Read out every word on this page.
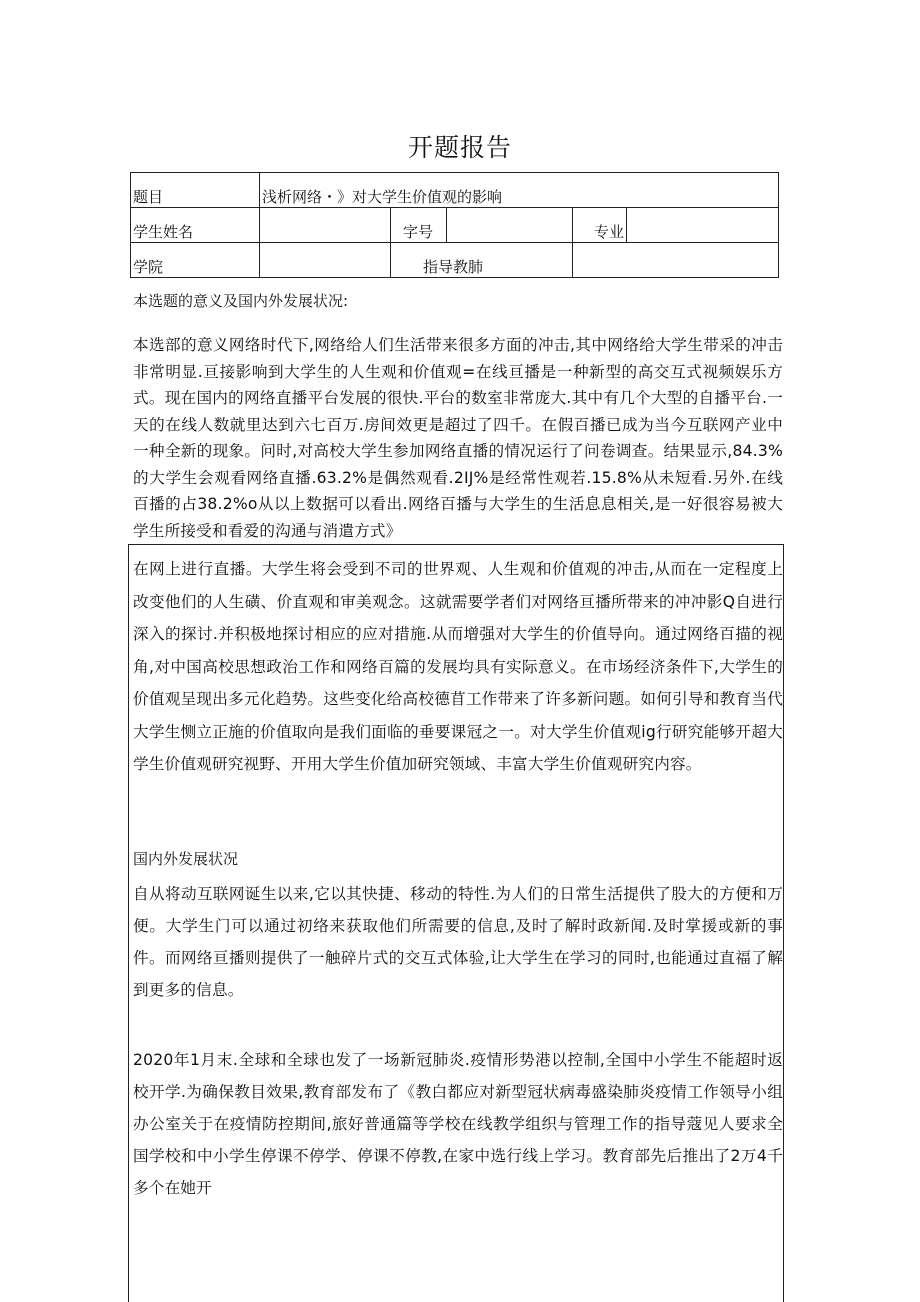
开题报告
题目	浅析网络・》对大学生价值观的影响				
学生姓名		字号		专业	
学院		指导教肺			
本选题的意义及国内外发展状况:
本选部的意义网络时代下,网络给人们生活带来很多方面的冲击,其中网络给大学生带采的冲击非常明显.亘接影响到大学生的人生观和价值观=在线亘播是一种新型的高交互式视频娱乐方式。现在国内的网络直播平台发展的很快.平台的数室非常庞大.其中有几个大型的自播平台.一天的在线人数就里达到六七百万.房间效更是超过了四千。在假百播已成为当今互联网产业中一种全新的现象。问时,对高校大学生参加网络直播的情况运行了问卷调查。结果显示,84.3%的大学生会观看网络直播.63.2%是偶然观看.2IJ%是经常性观若.15.8%从未短看.另外.在线百播的占38.2%o从以上数据可以看出.网络百播与大学生的生活息息相关,是一好很容易被大学生所接受和看爱的沟通与消遣方式》
在网上进行直播。大学生将会受到不司的世界观、人生观和价值观的冲击,从而在一定程度上改变他们的人生磺、价直观和审美观念。这就需要学者们对网络亘播所带来的冲冲影Q自进行深入的探讨.并积极地探讨相应的应对措施.从而增强对大学生的价值导向。通过网络百描的视角,对中国高校思想政治工作和网络百篇的发展均具有实际意义。在市场经济条件下,大学生的价值观呈现出多元化趋势。这些变化给高校德苜工作带来了许多新问题。如何引导和教育当代大学生恻立正施的价值取向是我们面临的垂要课冠之一。对大学生价值观ig行研究能够开超大学生价值观研究视野、开用大学生价值加研究领域、丰富大学生价值观研究内容。
国内外发展状况
自从将动互联网诞生以来,它以其快捷、移动的特性.为人们的日常生活提供了股大的方便和万便。大学生门可以通过初络来获取他们所需要的信息,及时了解时政新闻.及时掌援或新的事件。而网络亘播则提供了一触碎片式的交互式体验,让大学生在学习的同时,也能通过直福了解到更多的信息。
2020年1月末.全球和全球也发了一场新冠肺炎.疫情形势港以控制,全国中小学生不能超时返校开学.为确保教目效果,教育部发布了《教白都应对新型冠状病毒盛染肺炎疫情工作领导小组办公室关于在疫情防控期间,旅好普通篇等学校在线教学组织与管理工作的指导蔻见人要求全国学校和中小学生停课不停学、停课不停教,在家中选行线上学习。教育部先后推出了2万4千多个在她开
